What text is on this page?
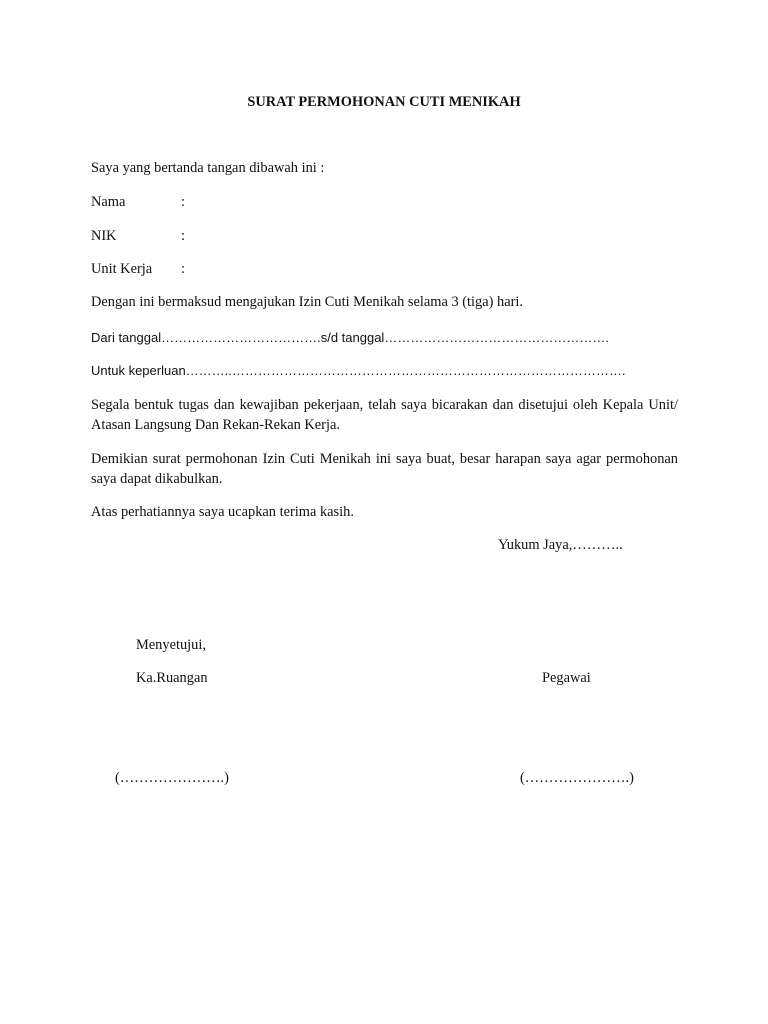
SURAT PERMOHONAN CUTI MENIKAH
Saya yang bertanda tangan dibawah ini :
Nama	:
NIK	:
Unit Kerja :
Dengan ini bermaksud mengajukan Izin Cuti Menikah selama 3 (tiga) hari.
Dari tanggal……………………………….s/d tanggal…………………………………………….
Untuk keperluan………..……………………………………………………………………………….
Segala bentuk tugas dan kewajiban pekerjaan, telah saya bicarakan dan disetujui oleh Kepala Unit/ Atasan Langsung Dan Rekan-Rekan Kerja.
Demikian surat permohonan Izin Cuti Menikah ini saya buat, besar harapan saya agar permohonan saya dapat dikabulkan.
Atas perhatiannya saya ucapkan terima kasih.
Yukum Jaya,………..
Menyetujui,
Ka.Ruangan	Pegawai
(………………….)	(………………….)
